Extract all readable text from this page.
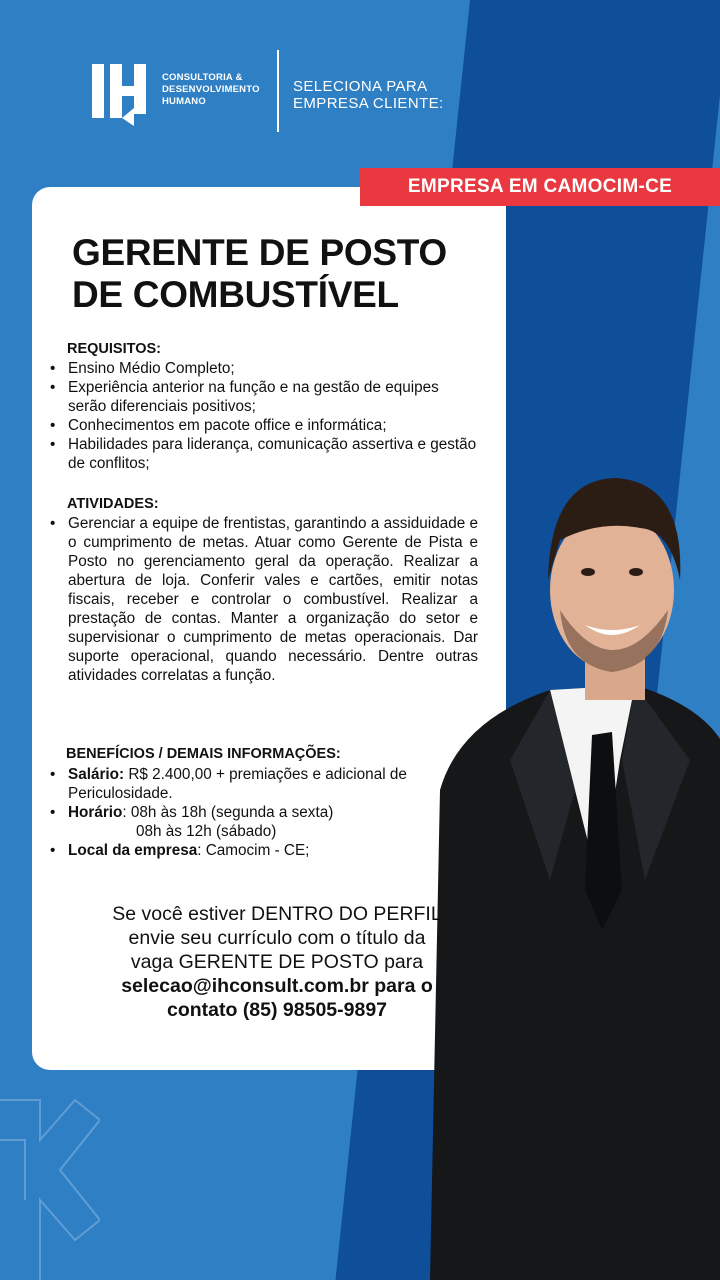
CONSULTORIA &
DESENVOLVIMENTO
HUMANO
SELECIONA PARA
EMPRESA CLIENTE:
EMPRESA EM CAMOCIM-CE
GERENTE DE POSTO
DE COMBUSTÍVEL
REQUISITOS:
• Ensino Médio Completo;
• Experiência anterior na função e na gestão de equipes serão diferenciais positivos;
• Conhecimentos em pacote office e informática;
• Habilidades para liderança, comunicação assertiva e gestão de conflitos;
ATIVIDADES:
• Gerenciar a equipe de frentistas, garantindo a assiduidade e o cumprimento de metas. Atuar como Gerente de Pista e Posto no gerenciamento geral da operação. Realizar a abertura de loja. Conferir vales e cartões, emitir notas fiscais, receber e controlar o combustível. Realizar a prestação de contas. Manter a organização do setor e supervisionar o cumprimento de metas operacionais. Dar suporte operacional, quando necessário. Dentre outras atividades correlatas a função.
BENEFÍCIOS / DEMAIS INFORMAÇÕES:
• Salário: R$ 2.400,00 + premiações e adicional de Periculosidade.
• Horário: 08h às 18h (segunda a sexta)
08h às 12h (sábado)
• Local da empresa: Camocim - CE;
Se você estiver DENTRO DO PERFIL
envie seu currículo com o título da
vaga GERENTE DE POSTO para
selecao@ihconsult.com.br para o
contato (85) 98505-9897
